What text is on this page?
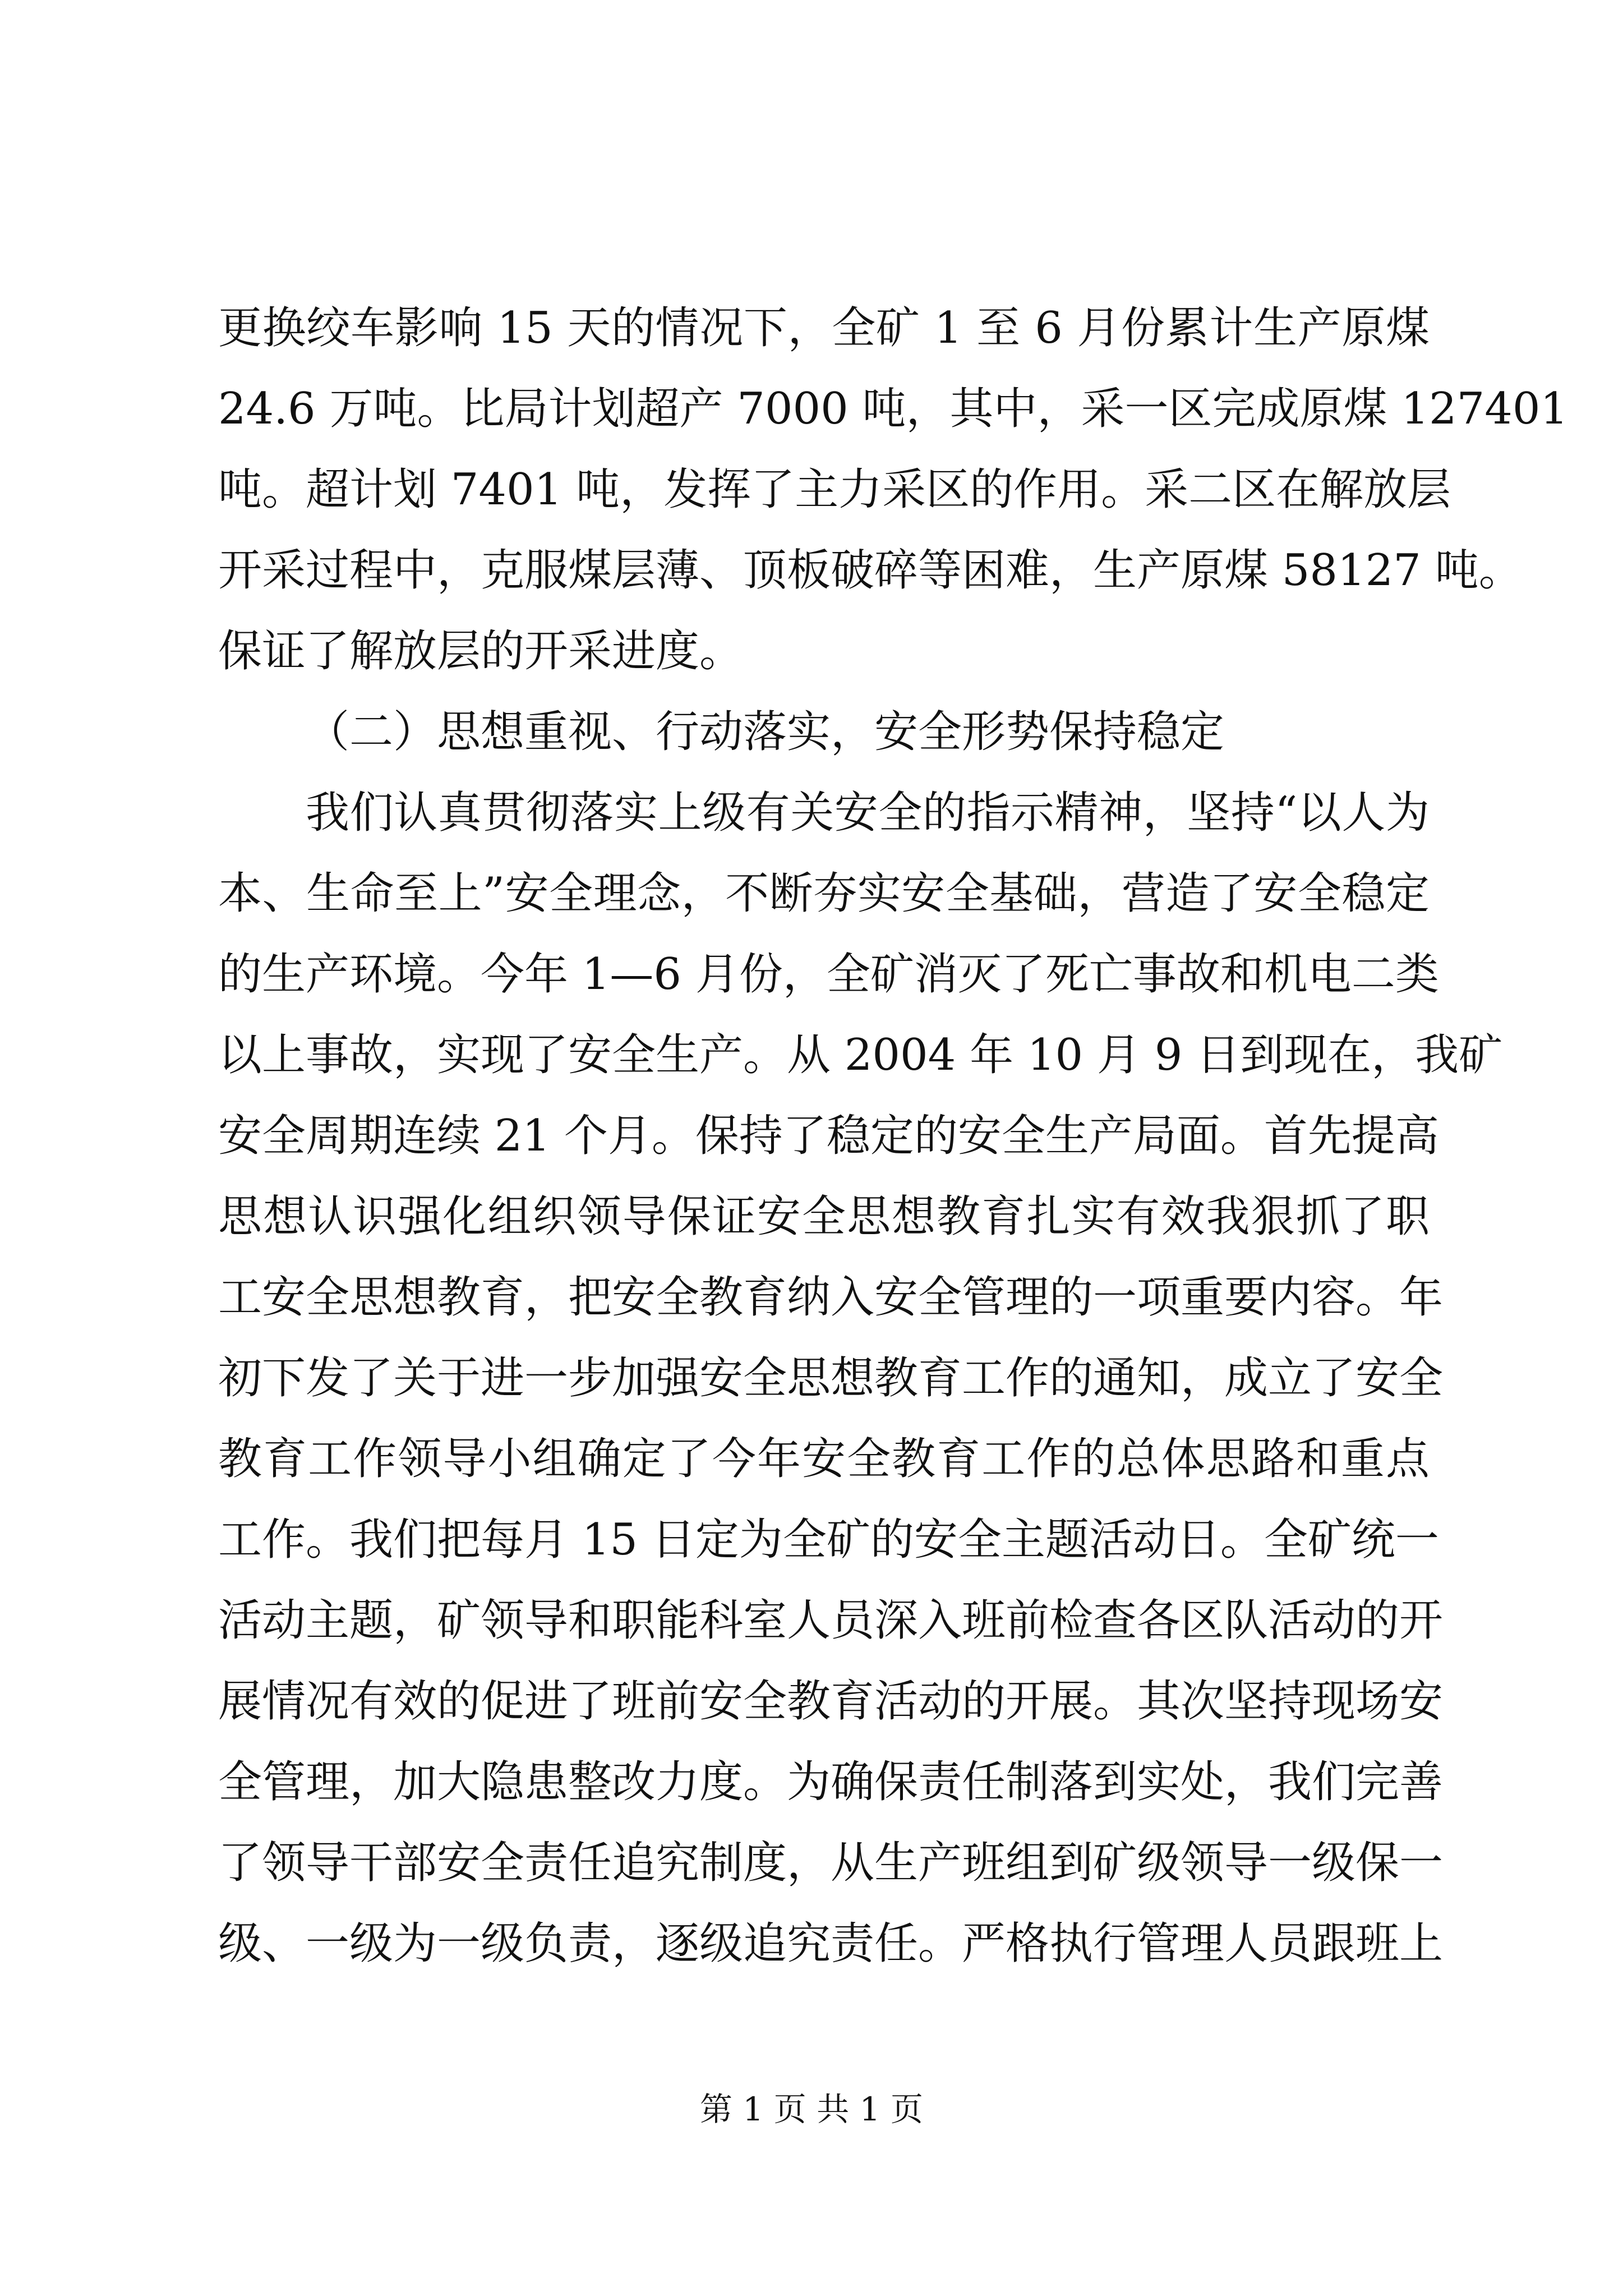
更换绞车影响 15 天的情况下，全矿 1 至 6 月份累计生产原煤
24.6 万吨。比局计划超产 7000 吨，其中，采一区完成原煤 127401
吨。超计划 7401 吨，发挥了主力采区的作用。采二区在解放层
开采过程中，克服煤层薄、顶板破碎等困难，生产原煤 58127 吨。
保证了解放层的开采进度。
（二）思想重视、行动落实，安全形势保持稳定
我们认真贯彻落实上级有关安全的指示精神，坚持“以人为
本、生命至上”安全理念，不断夯实安全基础，营造了安全稳定
的生产环境。今年 1—6 月份，全矿消灭了死亡事故和机电二类
以上事故，实现了安全生产。从 2004 年 10 月 9 日到现在，我矿
安全周期连续 21 个月。保持了稳定的安全生产局面。首先提高
思想认识强化组织领导保证安全思想教育扎实有效我狠抓了职
工安全思想教育，把安全教育纳入安全管理的一项重要内容。年
初下发了关于进一步加强安全思想教育工作的通知，成立了安全
教育工作领导小组确定了今年安全教育工作的总体思路和重点
工作。我们把每月 15 日定为全矿的安全主题活动日。全矿统一
活动主题，矿领导和职能科室人员深入班前检查各区队活动的开
展情况有效的促进了班前安全教育活动的开展。其次坚持现场安
全管理，加大隐患整改力度。为确保责任制落到实处，我们完善
了领导干部安全责任追究制度，从生产班组到矿级领导一级保一
级、一级为一级负责，逐级追究责任。严格执行管理人员跟班上
第 1 页 共 1 页
